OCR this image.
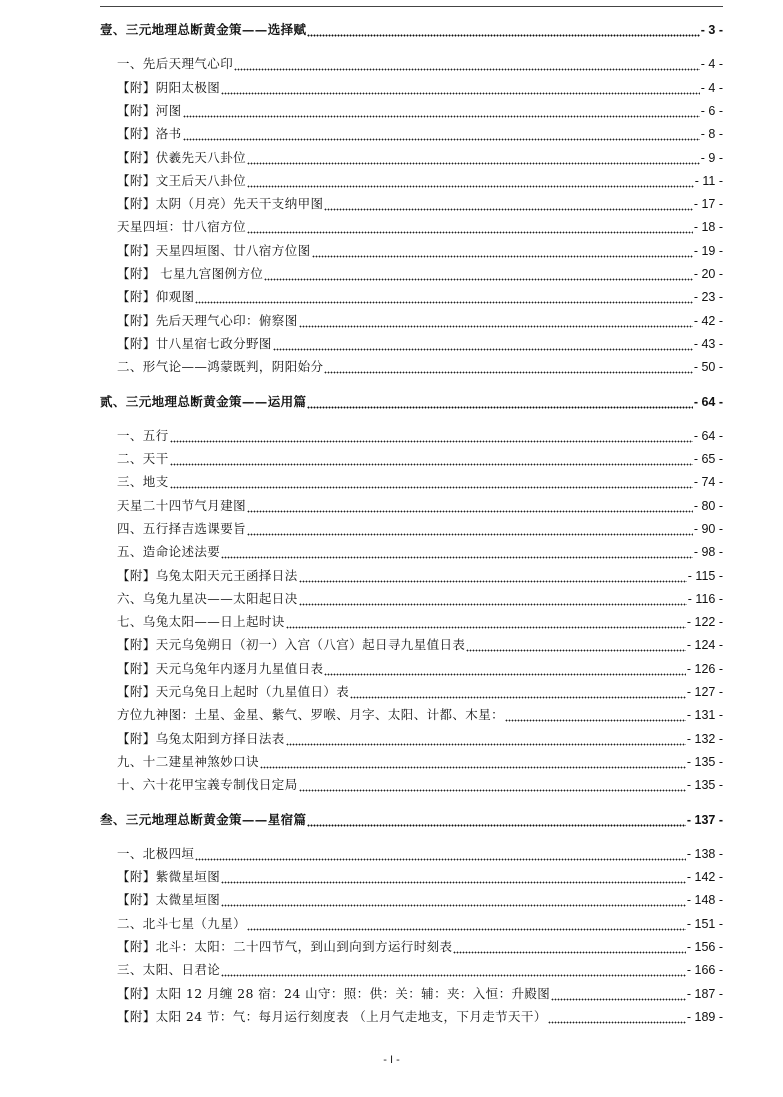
壹、三元地理总断黄金策——选择赋	- 3 -
一、先后天理气心印	- 4 -
【附】阴阳太极图	- 4 -
【附】河图	- 6 -
【附】洛书	- 8 -
【附】伏羲先天八卦位	- 9 -
【附】文王后天八卦位	- 11 -
【附】太阴（月亮）先天干支纳甲图	- 17 -
天星四垣：廿八宿方位	- 18 -
【附】天星四垣图、廿八宿方位图	- 19 -
【附】 七星九宫图例方位	- 20 -
【附】仰观图	- 23 -
【附】先后天理气心印：俯察图	- 42 -
【附】廿八星宿七政分野图	- 43 -
二、形气论——鸿蒙既判，阴阳始分	- 50 -
贰、三元地理总断黄金策——运用篇	- 64 -
一、五行	- 64 -
二、天干	- 65 -
三、地支	- 74 -
天星二十四节气月建图	- 80 -
四、五行择吉选课要旨	- 90 -
五、造命论述法要	- 98 -
【附】乌兔太阳天元王函择日法	- 115 -
六、乌兔九星决——太阳起日决	- 116 -
七、乌兔太阳——日上起时诀	- 122 -
【附】天元乌兔朔日（初一）入宫（八宫）起日寻九星值日表	- 124 -
【附】天元乌兔年内逐月九星值日表	- 126 -
【附】天元乌兔日上起时（九星值日）表	- 127 -
方位九神图：土星、金星、紫气、罗喉、月字、太阳、计都、木星：	- 131 -
【附】乌兔太阳到方择日法表	- 132 -
九、十二建星神煞妙口诀	- 135 -
十、六十花甲宝義专制伐日定局	- 135 -
叁、三元地理总断黄金策——星宿篇	- 137 -
一、北极四垣	- 138 -
【附】紫微星垣图	- 142 -
【附】太微星垣图	- 148 -
二、北斗七星（九星）	- 151 -
【附】北斗：太阳：二十四节气，到山到向到方运行时刻表	- 156 -
三、太阳、日君论	- 166 -
【附】太阳 12 月缠 28 宿：24 山守：照：供：关：辅：夹：入恒：升殿图	- 187 -
【附】太阳 24 节：气：每月运行刻度表 （上月气走地支，下月走节天干）	- 189 -
- I -
